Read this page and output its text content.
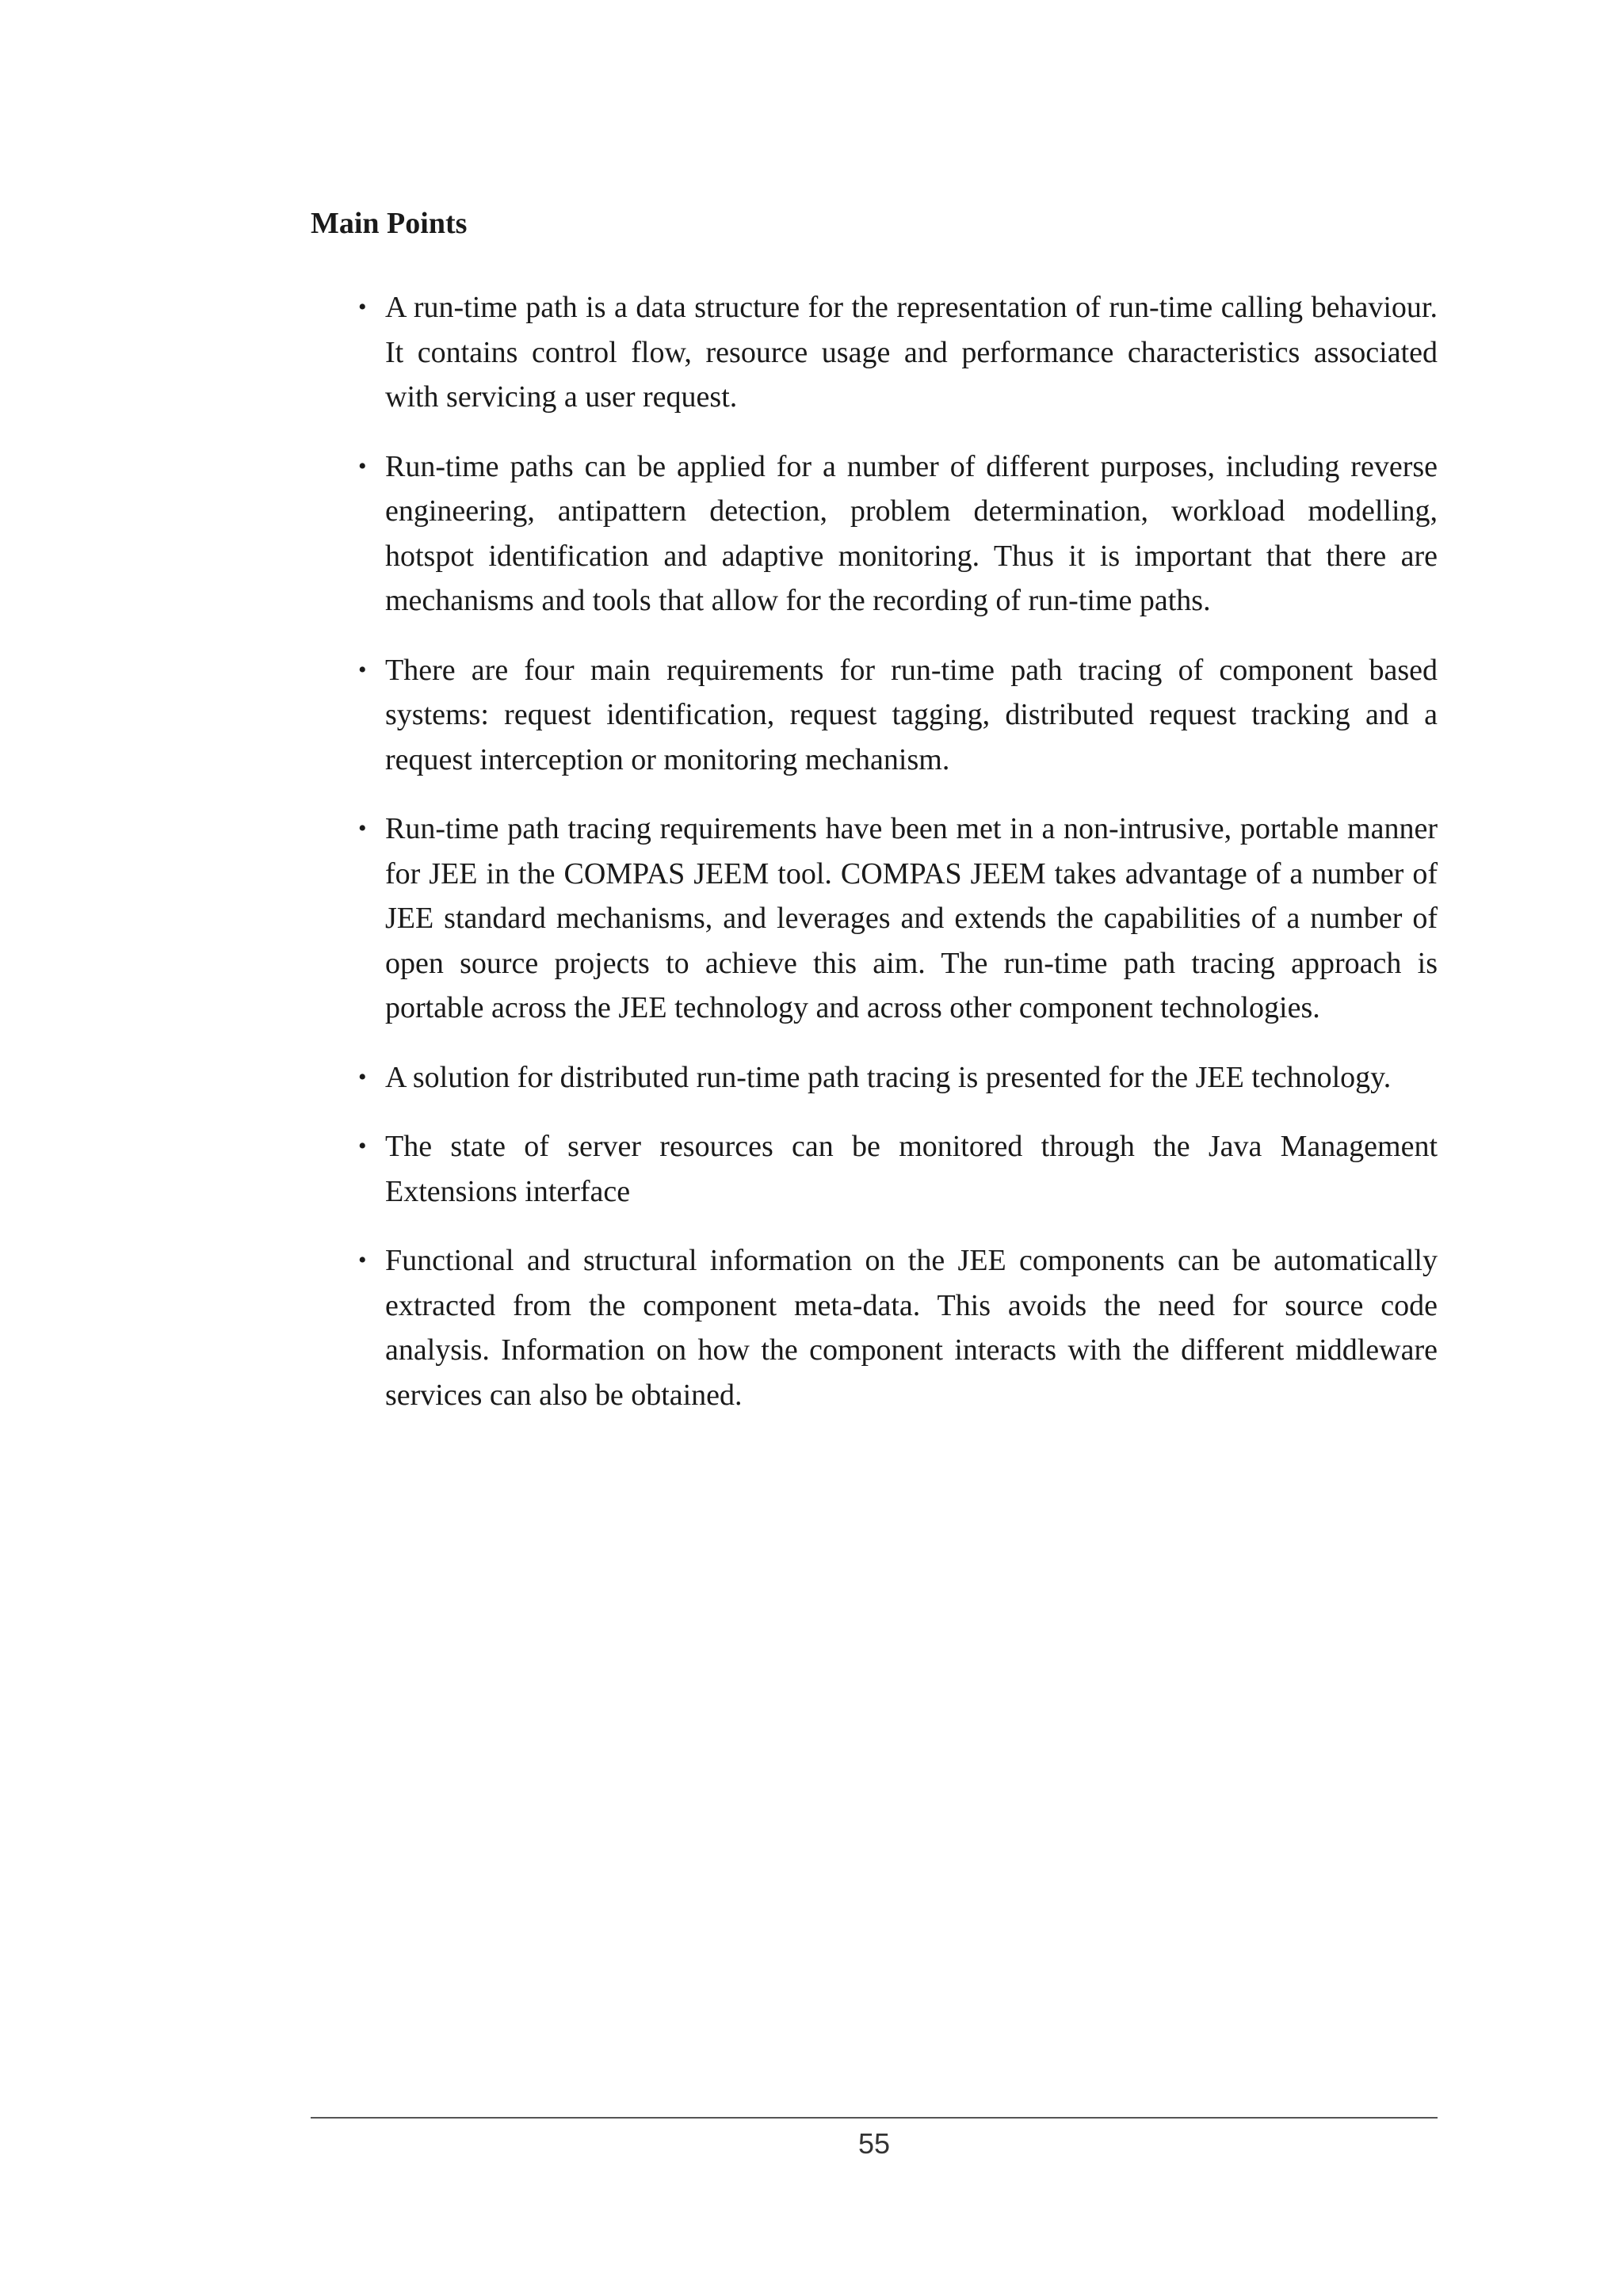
Main Points
• A run-time path is a data structure for the representation of run-time calling behaviour. It contains control flow, resource usage and performance characteristics associated with servicing a user request.
• Run-time paths can be applied for a number of different purposes, including reverse engineering, antipattern detection, problem determination, workload modelling, hotspot identification and adaptive monitoring. Thus it is important that there are mechanisms and tools that allow for the recording of run-time paths.
• There are four main requirements for run-time path tracing of component based systems: request identification, request tagging, distributed request tracking and a request interception or monitoring mechanism.
• Run-time path tracing requirements have been met in a non-intrusive, portable manner for JEE in the COMPAS JEEM tool. COMPAS JEEM takes advantage of a number of JEE standard mechanisms, and leverages and extends the capabilities of a number of open source projects to achieve this aim. The run-time path tracing approach is portable across the JEE technology and across other component technologies.
• A solution for distributed run-time path tracing is presented for the JEE technology.
• The state of server resources can be monitored through the Java Management Extensions interface
• Functional and structural information on the JEE components can be automatically extracted from the component meta-data. This avoids the need for source code analysis. Information on how the component interacts with the different middleware services can also be obtained.
55
